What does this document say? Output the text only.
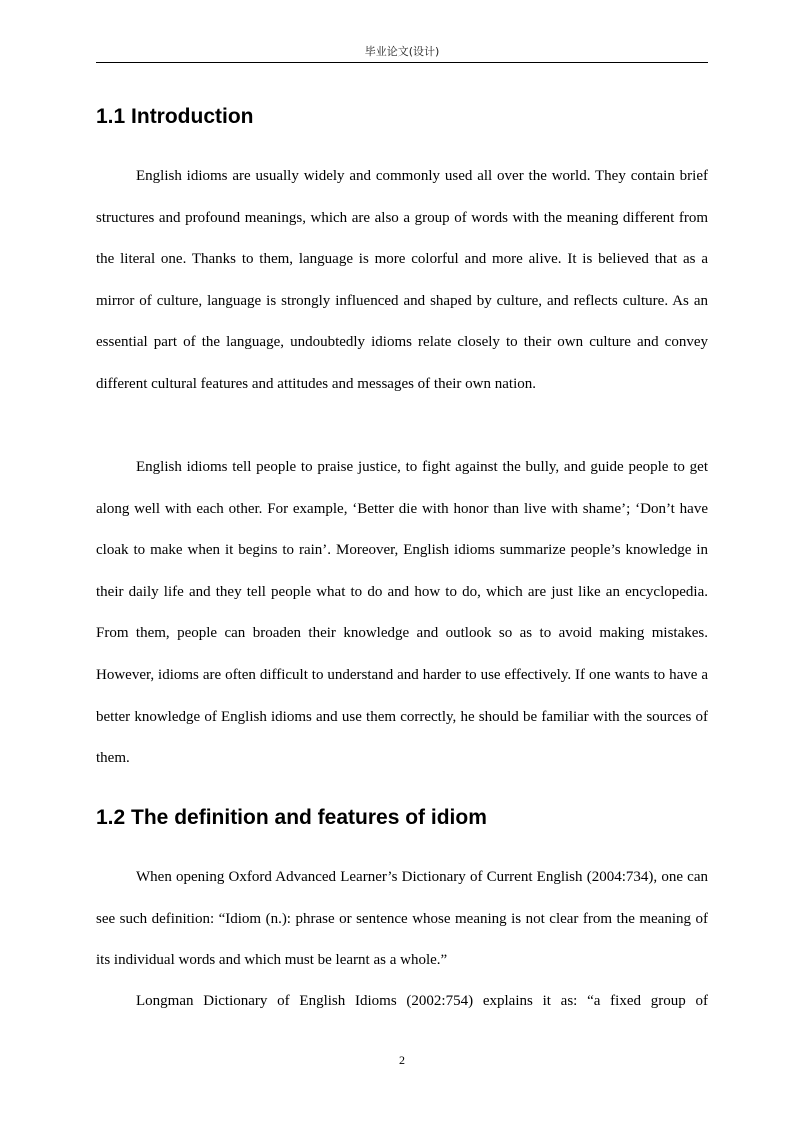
毕业论文(设计)
1.1 Introduction

English idioms are usually widely and commonly used all over the world. They contain brief structures and profound meanings, which are also a group of words with the meaning different from the literal one. Thanks to them, language is more colorful and more alive. It is believed that as a mirror of culture, language is strongly influenced and shaped by culture, and reflects culture. As an essential part of the language, undoubtedly idioms relate closely to their own culture and convey different cultural features and attitudes and messages of their own nation.

English idioms tell people to praise justice, to fight against the bully, and guide people to get along well with each other. For example, ‘Better die with honor than live with shame’; ‘Don’t have cloak to make when it begins to rain’. Moreover, English idioms summarize people’s knowledge in their daily life and they tell people what to do and how to do, which are just like an encyclopedia. From them, people can broaden their knowledge and outlook so as to avoid making mistakes. However, idioms are often difficult to understand and harder to use effectively. If one wants to have a better knowledge of English idioms and use them correctly, he should be familiar with the sources of them.

1.2 The definition and features of idiom

When opening Oxford Advanced Learner’s Dictionary of Current English (2004:734), one can see such definition: “Idiom (n.): phrase or sentence whose meaning is not clear from the meaning of its individual words and which must be learnt as a whole.”

Longman Dictionary of English Idioms (2002:754) explains it as: “a fixed group of

2
